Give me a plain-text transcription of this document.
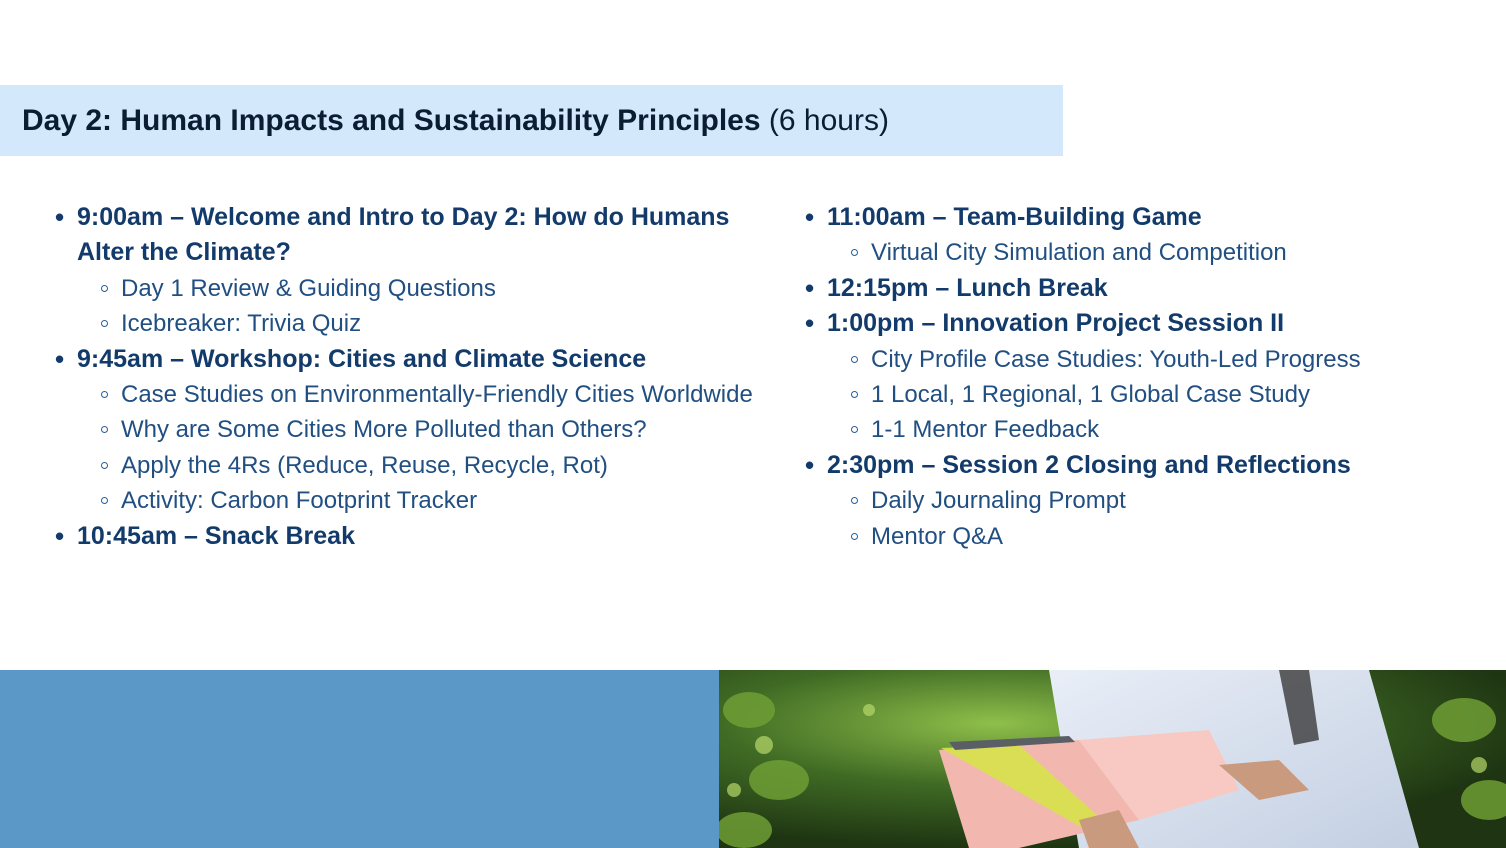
Day 2: Human Impacts and Sustainability Principles (6 hours)
• 9:00am – Welcome and Intro to Day 2: How do Humans Alter the Climate?
Day 1 Review & Guiding Questions
Icebreaker: Trivia Quiz
• 9:45am – Workshop: Cities and Climate Science
Case Studies on Environmentally-Friendly Cities Worldwide
Why are Some Cities More Polluted than Others?
Apply the 4Rs (Reduce, Reuse, Recycle, Rot)
Activity: Carbon Footprint Tracker
• 10:45am – Snack Break
• 11:00am – Team-Building Game
Virtual City Simulation and Competition
• 12:15pm – Lunch Break
• 1:00pm – Innovation Project Session II
City Profile Case Studies: Youth-Led Progress
1 Local, 1 Regional, 1 Global Case Study
1-1 Mentor Feedback
• 2:30pm – Session 2 Closing and Reflections
Daily Journaling Prompt
Mentor Q&A
